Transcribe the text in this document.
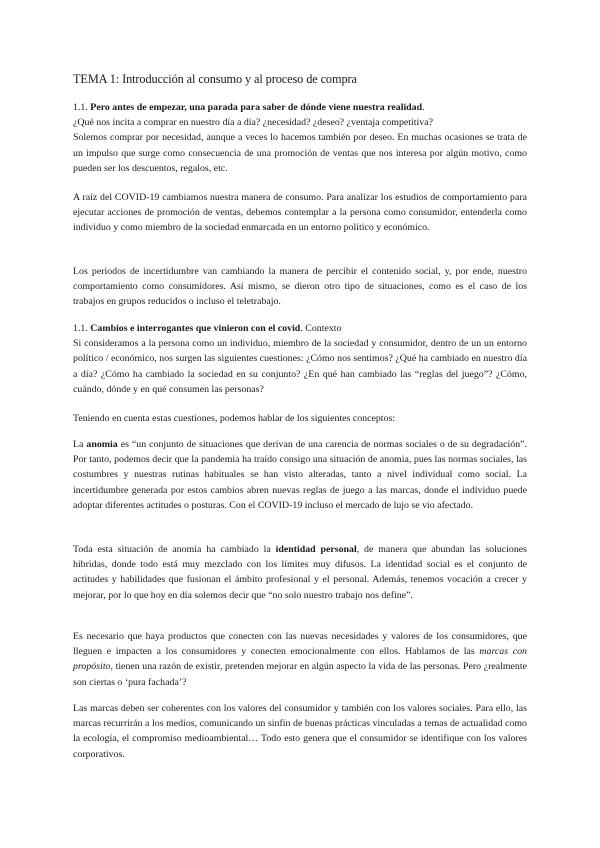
TEMA 1: Introducción al consumo y al proceso de compra

1.1. Pero antes de empezar, una parada para saber de dónde viene nuestra realidad.

¿Qué nos incita a comprar en nuestro día a día? ¿necesidad? ¿deseo? ¿ventaja competitiva?

Solemos comprar por necesidad, aunque a veces lo hacemos también por deseo. En muchas ocasiones se trata de un impulso que surge como consecuencia de una promoción de ventas que nos interesa por algún motivo, como pueden ser los descuentos, regalos, etc.

A raíz del COVID-19 cambiamos nuestra manera de consumo. Para analizar los estudios de comportamiento para ejecutar acciones de promoción de ventas, debemos contemplar a la persona como consumidor, entenderla como individuo y como miembro de la sociedad enmarcada en un entorno político y económico.
Los periodos de incertidumbre van cambiando la manera de percibir el contenido social, y, por ende, nuestro comportamiento como consumidores. Así mismo, se dieron otro tipo de situaciones, como es el caso de los trabajos en grupos reducidos o incluso el teletrabajo.

1.1. Cambios e interrogantes que vinieron con el covid. Contexto

Si consideramos a la persona como un individuo, miembro de la sociedad y consumidor, dentro de un un entorno político / económico, nos surgen las siguientes cuestiones: ¿Cómo nos sentimos? ¿Qué ha cambiado en nuestro día a día? ¿Cómo ha cambiado la sociedad en su conjunto? ¿En qué han cambiado las “reglas del juego”? ¿Cómo, cuándo, dónde y en qué consumen las personas?

Teniendo en cuenta estas cuestiones, podemos hablar de los siguientes conceptos:
La anomia es “un conjunto de situaciones que derivan de una carencia de normas sociales o de su degradación”. Por tanto, podemos decir que la pandemia ha traído consigo una situación de anomia, pues las normas sociales, las costumbres y nuestras rutinas habituales se han visto alteradas, tanto a nivel individual como social. La incertidumbre generada por estos cambios abren nuevas reglas de juego a las marcas, donde el individuo puede adoptar diferentes actitudes o posturas. Con el COVID-19 incluso el mercado de lujo se vio afectado.
Toda esta situación de anomia ha cambiado la identidad personal, de manera que abundan las soluciones hibridas, donde todo está muy mezclado con los límites muy difusos. La identidad social es el conjunto de actitudes y habilidades que fusionan el ámbito profesional y el personal. Además, tenemos vocación a crecer y mejorar, por lo que hoy en día solemos decir que “no solo nuestro trabajo nos define”.
Es necesario que haya productos que conecten con las nuevas necesidades y valores de los consumidores, que lleguen e impacten a los consumidores y conecten emocionalmente con ellos. Hablamos de las marcas con propósito, tienen una razón de existir, pretenden mejorar en algún aspecto la vida de las personas. Pero ¿realmente son ciertas o ‘pura fachada’?
Las marcas deben ser coherentes con los valores del consumidor y también con los valores sociales. Para ello, las marcas recurrirán a los medios, comunicando un sinfín de buenas prácticas vinculadas a temas de actualidad como la ecología, el compromiso medioambiental… Todo esto genera que el consumidor se identifique con los valores corporativos.
